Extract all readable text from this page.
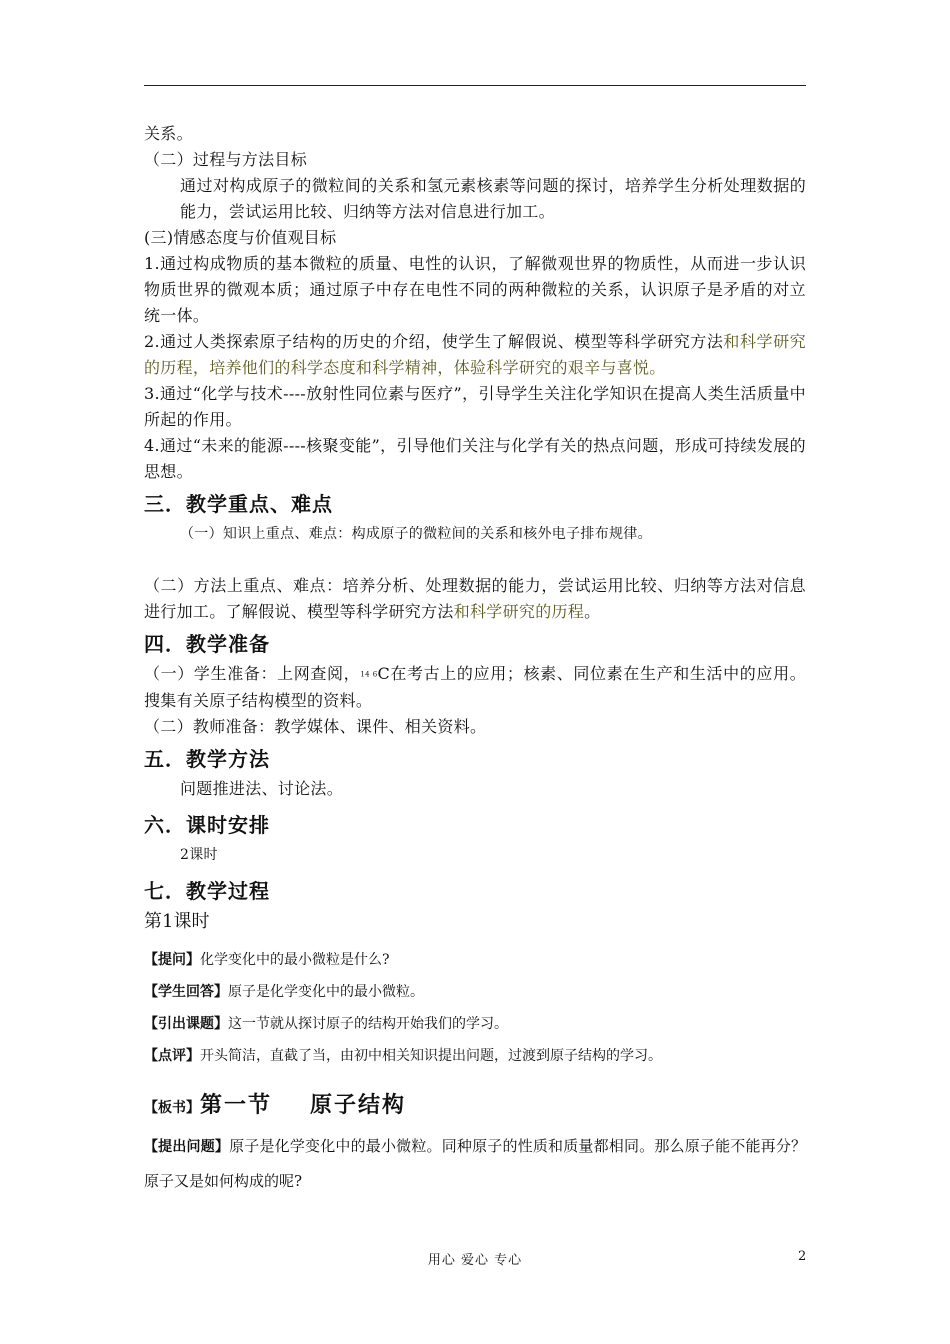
关系。

（二）过程与方法目标

通过对构成原子的微粒间的关系和氢元素核素等问题的探讨，培养学生分析处理数据的能力，尝试运用比较、归纳等方法对信息进行加工。

(三)情感态度与价值观目标

1.通过构成物质的基本微粒的质量、电性的认识，了解微观世界的物质性，从而进一步认识物质世界的微观本质；通过原子中存在电性不同的两种微粒的关系，认识原子是矛盾的对立统一体。

2.通过人类探索原子结构的历史的介绍，使学生了解假说、模型等科学研究方法和科学研究的历程，培养他们的科学态度和科学精神，体验科学研究的艰辛与喜悦。

3.通过“化学与技术----放射性同位素与医疗”，引导学生关注化学知识在提高人类生活质量中所起的作用。

4.通过“未来的能源----核聚变能”，引导他们关注与化学有关的热点问题，形成可持续发展的思想。

三．教学重点、难点

（一）知识上重点、难点：构成原子的微粒间的关系和核外电子排布规律。

（二）方法上重点、难点：培养分析、处理数据的能力，尝试运用比较、归纳等方法对信息进行加工。了解假说、模型等科学研究方法和科学研究的历程。

四．教学准备

（一）学生准备：上网查阅，14 6C在考古上的应用；核素、同位素在生产和生活中的应用。搜集有关原子结构模型的资料。

（二）教师准备：教学媒体、课件、相关资料。

五．教学方法

问题推进法、讨论法。

六．课时安排

2课时

七．教学过程
第1课时

【提问】化学变化中的最小微粒是什么?

【学生回答】原子是化学变化中的最小微粒。

【引出课题】这一节就从探讨原子的结构开始我们的学习。

【点评】开头简洁，直截了当，由初中相关知识提出问题，过渡到原子结构的学习。

【板书】 第一节 原子结构

【提出问题】原子是化学变化中的最小微粒。同种原子的性质和质量都相同。那么原子能不能再分？原子又是如何构成的呢?

用心 爱心 专心	2
